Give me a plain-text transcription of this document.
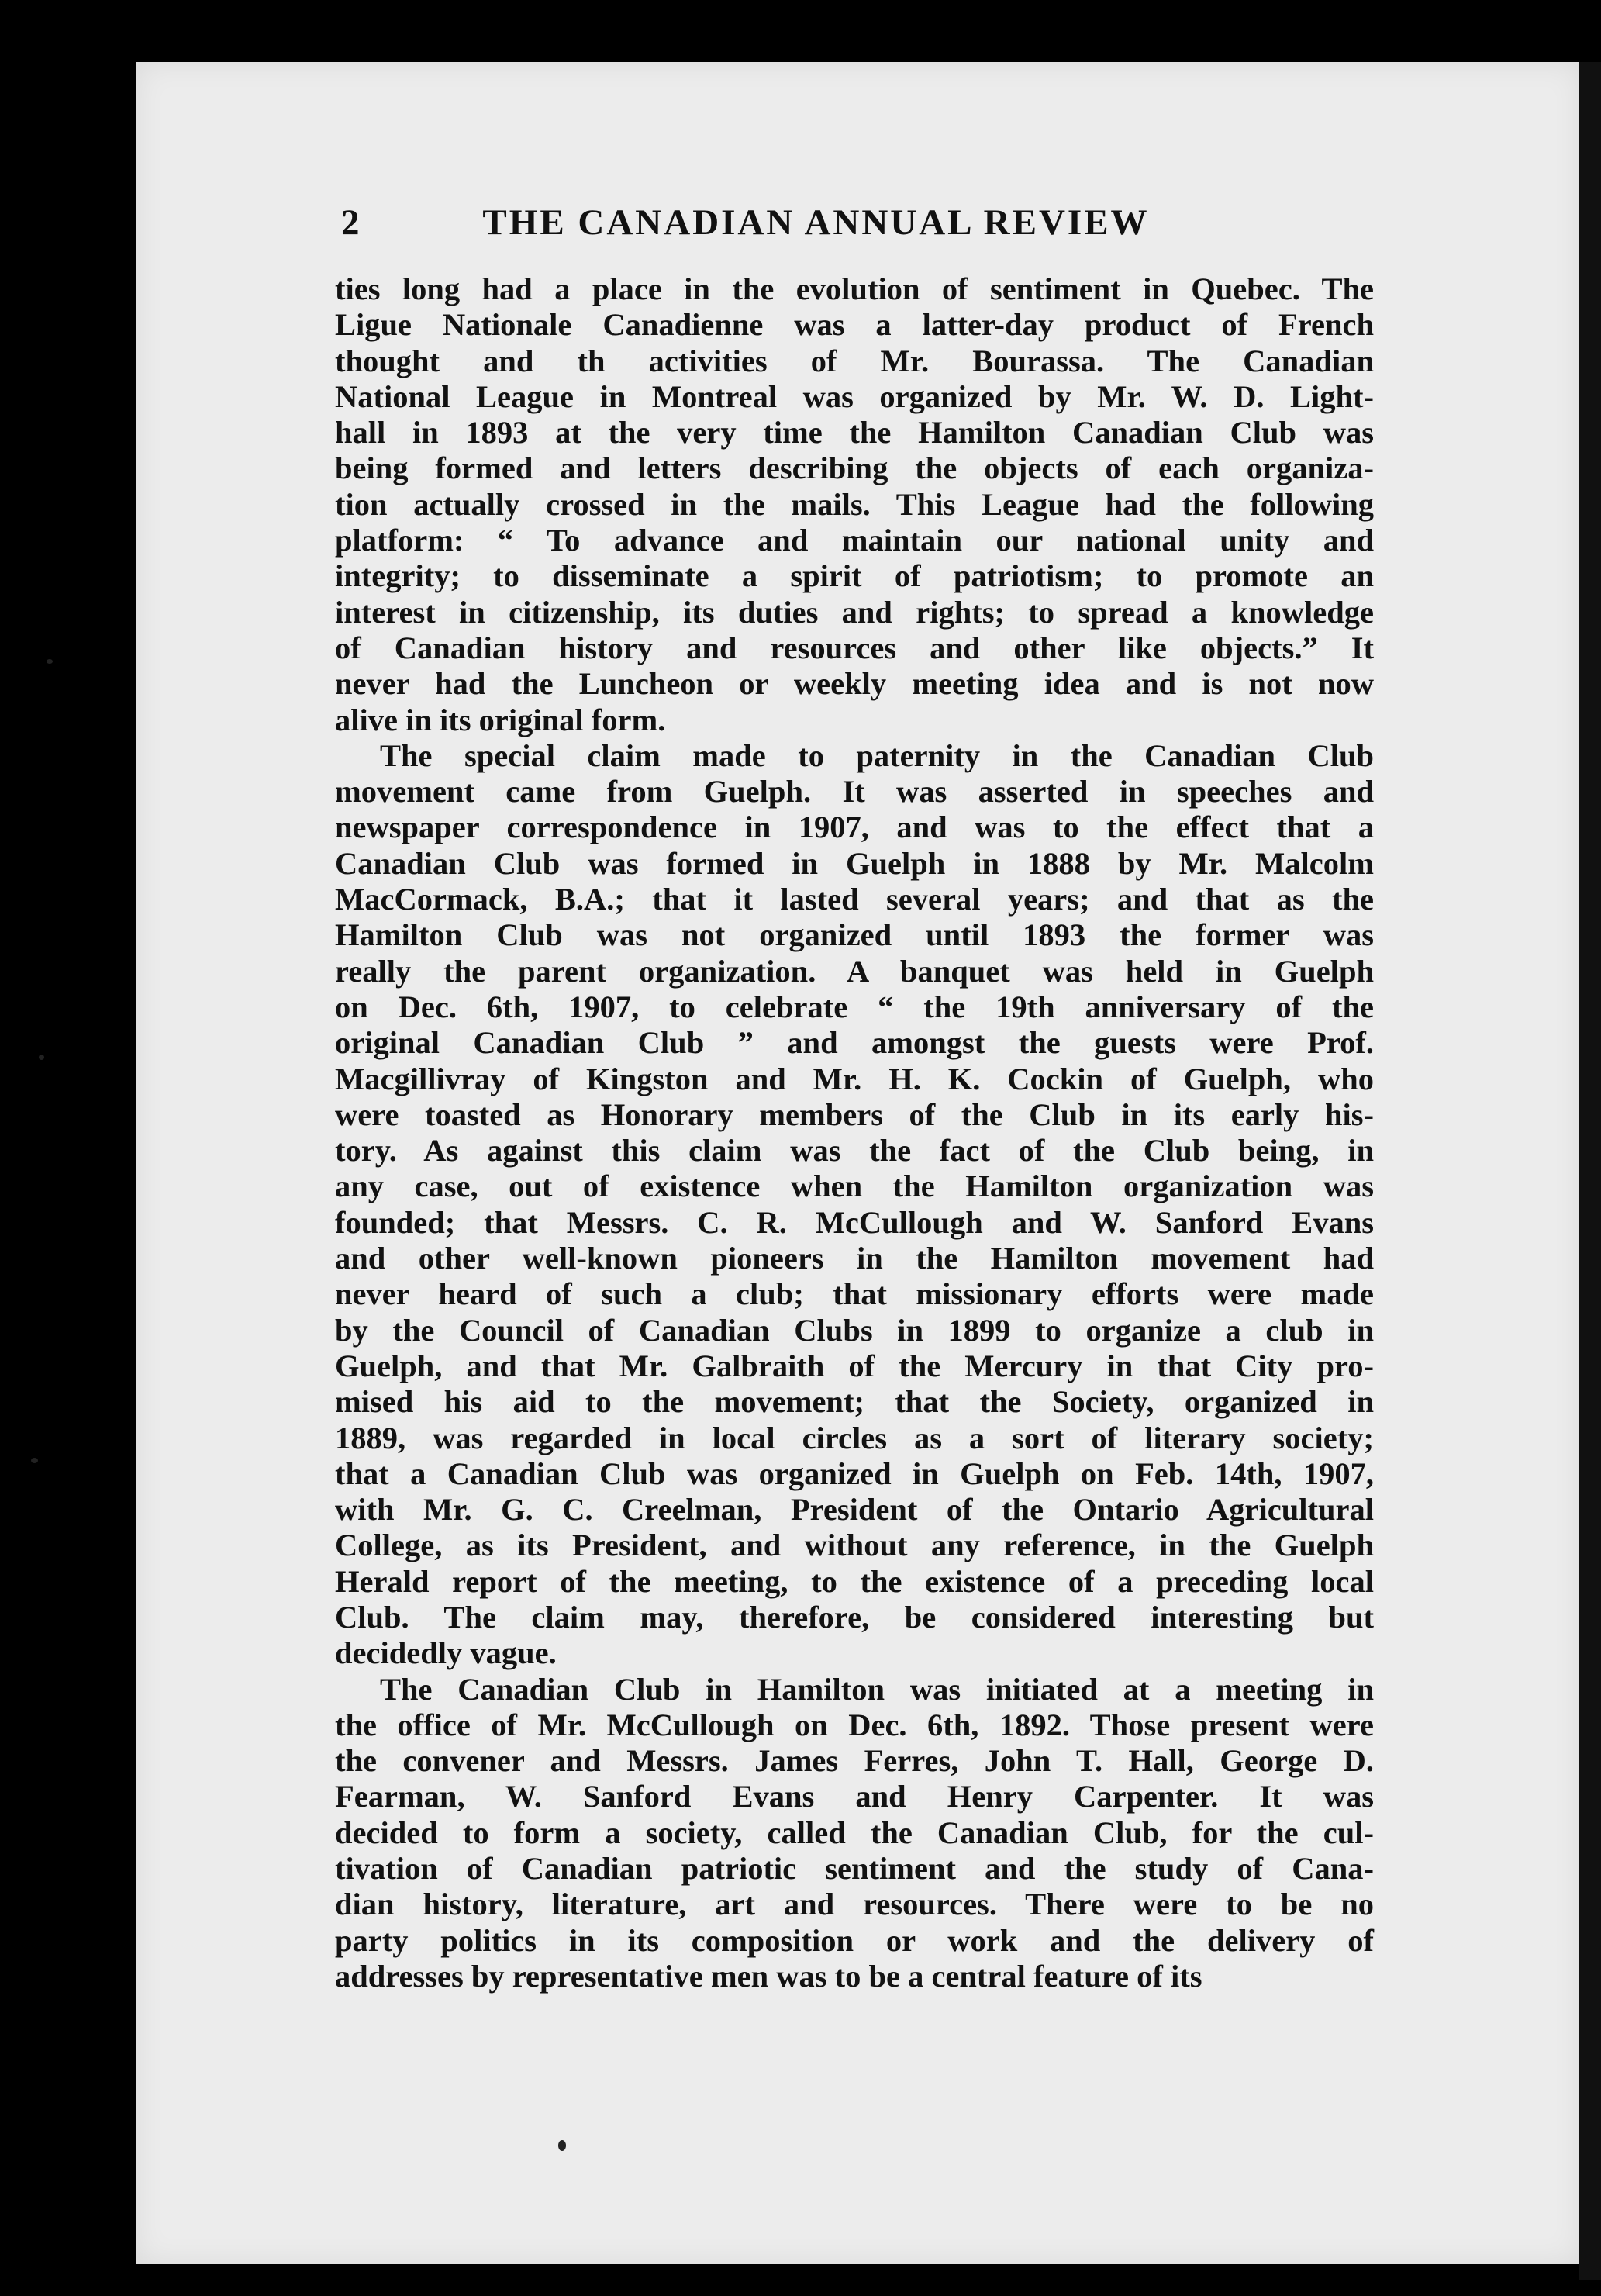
2	THE CANADIAN ANNUAL REVIEW
ties long had a place in the evolution of sentiment in Quebec. The
Ligue Nationale Canadienne was a latter-day product of French
thought and th activities of Mr. Bourassa. The Canadian
National League in Montreal was organized by Mr. W. D. Light-
hall in 1893 at the very time the Hamilton Canadian Club was
being formed and letters describing the objects of each organiza-
tion actually crossed in the mails. This League had the following
platform: “ To advance and maintain our national unity and
integrity; to disseminate a spirit of patriotism; to promote an
interest in citizenship, its duties and rights; to spread a knowledge
of Canadian history and resources and other like objects.” It
never had the Luncheon or weekly meeting idea and is not now
alive in its original form.
The special claim made to paternity in the Canadian Club
movement came from Guelph. It was asserted in speeches and
newspaper correspondence in 1907, and was to the effect that a
Canadian Club was formed in Guelph in 1888 by Mr. Malcolm
MacCormack, B.A.; that it lasted several years; and that as the
Hamilton Club was not organized until 1893 the former was
really the parent organization. A banquet was held in Guelph
on Dec. 6th, 1907, to celebrate “ the 19th anniversary of the
original Canadian Club ” and amongst the guests were Prof.
Macgillivray of Kingston and Mr. H. K. Cockin of Guelph, who
were toasted as Honorary members of the Club in its early his-
tory. As against this claim was the fact of the Club being, in
any case, out of existence when the Hamilton organization was
founded; that Messrs. C. R. McCullough and W. Sanford Evans
and other well-known pioneers in the Hamilton movement had
never heard of such a club; that missionary efforts were made
by the Council of Canadian Clubs in 1899 to organize a club in
Guelph, and that Mr. Galbraith of the Mercury in that City pro-
mised his aid to the movement; that the Society, organized in
1889, was regarded in local circles as a sort of literary society;
that a Canadian Club was organized in Guelph on Feb. 14th, 1907,
with Mr. G. C. Creelman, President of the Ontario Agricultural
College, as its President, and without any reference, in the Guelph
Herald report of the meeting, to the existence of a preceding local
Club. The claim may, therefore, be considered interesting but
decidedly vague.
The Canadian Club in Hamilton was initiated at a meeting in
the office of Mr. McCullough on Dec. 6th, 1892. Those present were
the convener and Messrs. James Ferres, John T. Hall, George D.
Fearman, W. Sanford Evans and Henry Carpenter. It was
decided to form a society, called the Canadian Club, for the cul-
tivation of Canadian patriotic sentiment and the study of Cana-
dian history, literature, art and resources. There were to be no
party politics in its composition or work and the delivery of
addresses by representative men was to be a central feature of its
